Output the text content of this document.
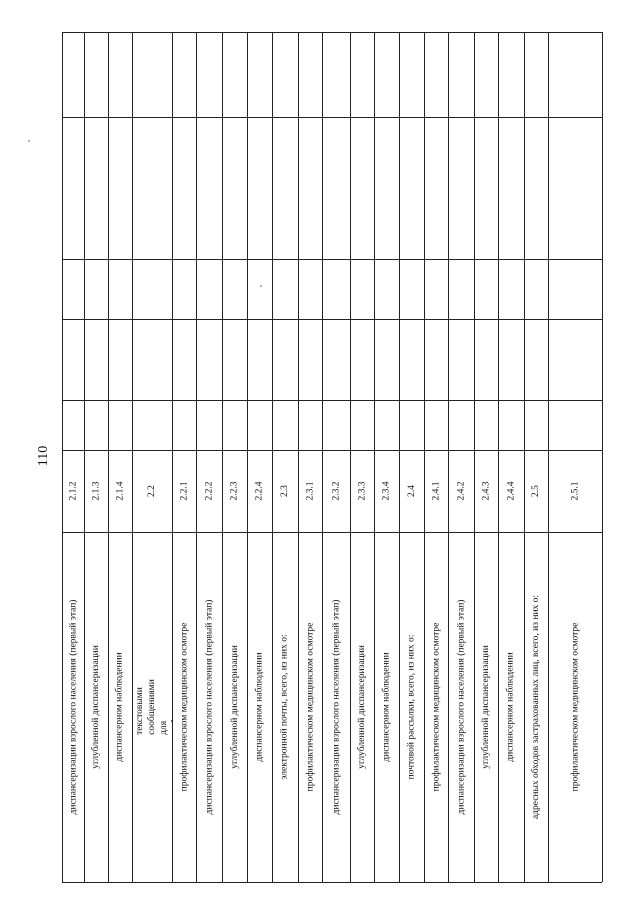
110
диспансеризации взрослого населения (первый этап)
2.1.2
углубленной диспансеризации
2.1.3
диспансерном наблюдении
2.1.4
текстовыми сообщениями для
2.2
профилактическом медицинском осмотре
2.2.1
диспансеризации взрослого населения (первый этап)
2.2.2
углубленной диспансеризации
2.2.3
диспансерном наблюдении
2.2.4
электронной почты, всего, из них о:
2.3
профилактическом медицинском осмотре
2.3.1
диспансеризации взрослого населения (первый этап)
2.3.2
углубленной диспансеризации
2.3.3
диспансерном наблюдении
2.3.4
почтовой рассылки, всего, из них о:
2.4
профилактическом медицинском осмотре
2.4.1
диспансеризации взрослого населения (первый этап)
2.4.2
углубленной диспансеризации
2.4.3
диспансерном наблюдении
2.4.4
адресных обходов застрахованных лиц, всего, из них о:
2.5
профилактическом медицинском осмотре
2.5.1
